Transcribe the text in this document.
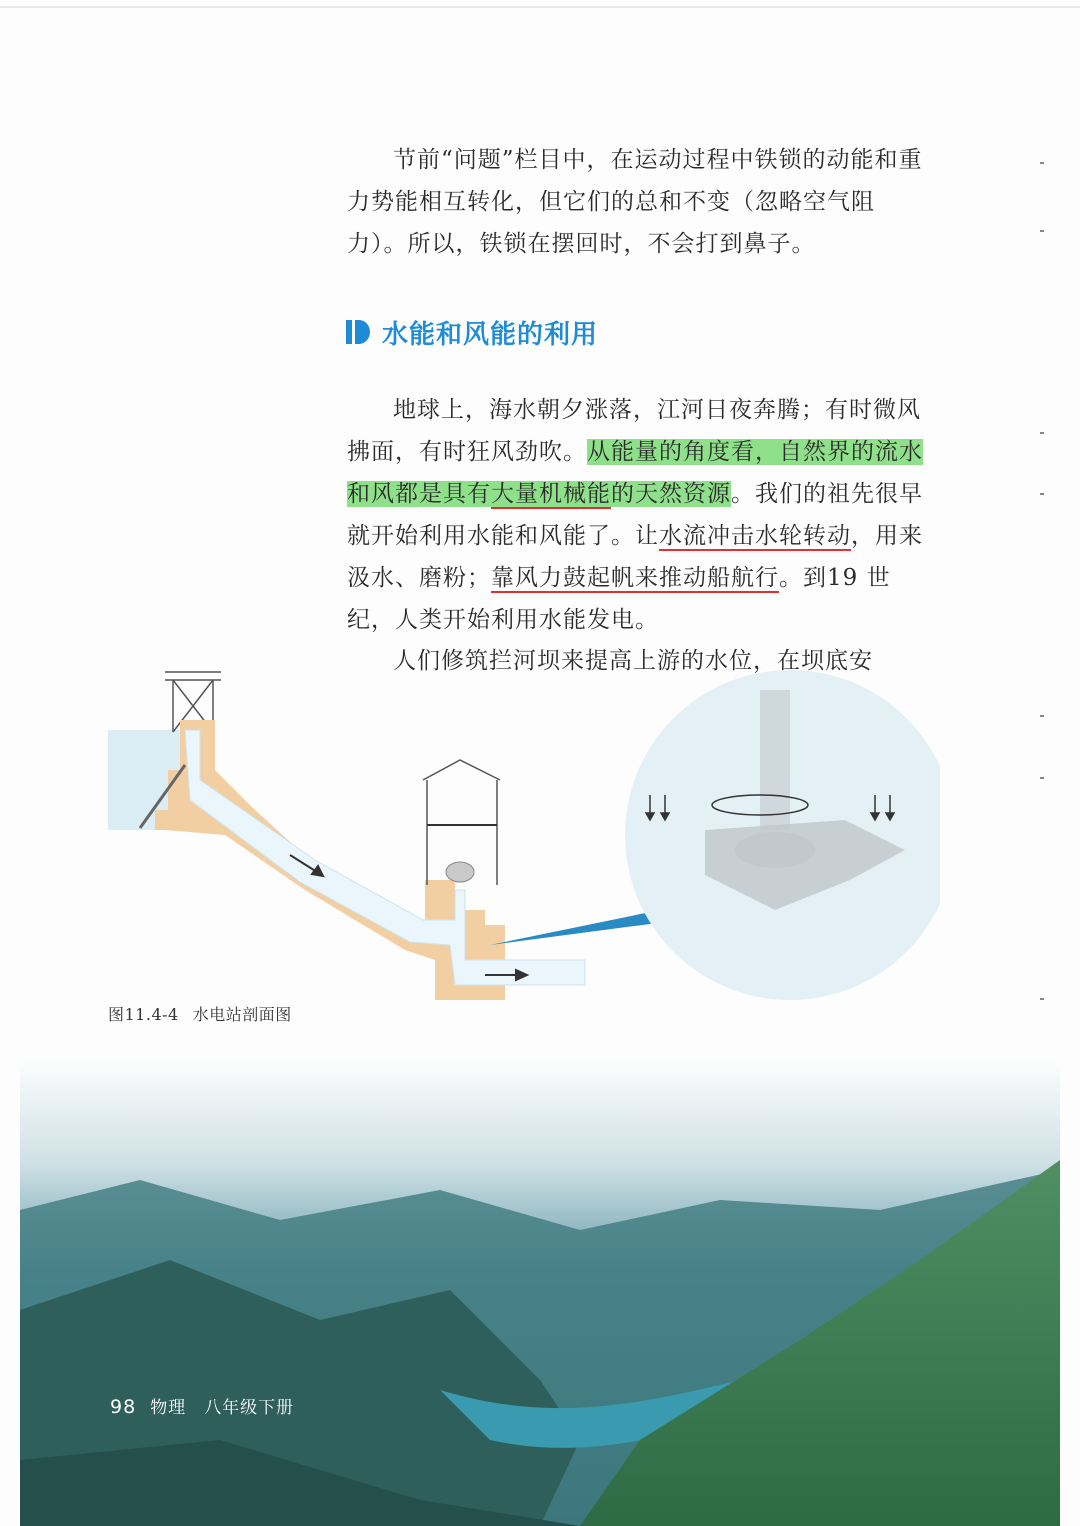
节前“问题”栏目中，在运动过程中铁锁的动能和重力势能相互转化，但它们的总和不变（忽略空气阻力）。所以，铁锁在摆回时，不会打到鼻子。
水能和风能的利用
地球上，海水朝夕涨落，江河日夜奔腾；有时微风拂面，有时狂风劲吹。从能量的角度看，自然界的流水和风都是具有大量机械能的天然资源。我们的祖先很早就开始利用水能和风能了。让水流冲击水轮转动，用来汲水、磨粉；靠风力鼓起帆来推动船航行。到19 世纪，人类开始利用水能发电。
人们修筑拦河坝来提高上游的水位，在坝底安
图11.4-4 水电站剖面图
98 物理 八年级下册
